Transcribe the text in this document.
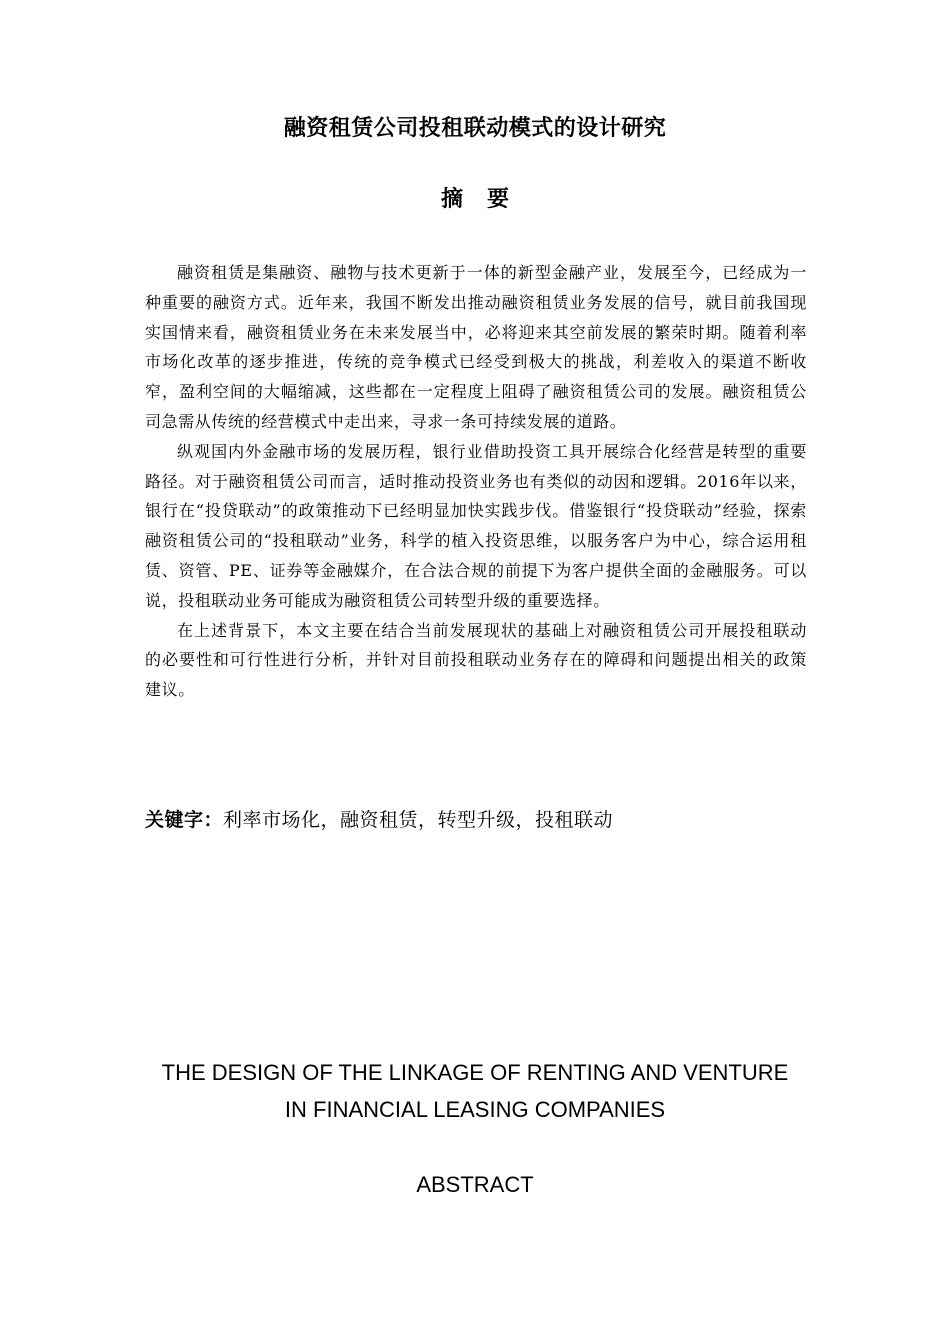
融资租赁公司投租联动模式的设计研究
摘要

融资租赁是集融资、融物与技术更新于一体的新型金融产业，发展至今，已经成为一种重要的融资方式。近年来，我国不断发出推动融资租赁业务发展的信号，就目前我国现实国情来看，融资租赁业务在未来发展当中，必将迎来其空前发展的繁荣时期。随着利率市场化改革的逐步推进，传统的竞争模式已经受到极大的挑战，利差收入的渠道不断收窄，盈利空间的大幅缩减，这些都在一定程度上阻碍了融资租赁公司的发展。融资租赁公司急需从传统的经营模式中走出来，寻求一条可持续发展的道路。

纵观国内外金融市场的发展历程，银行业借助投资工具开展综合化经营是转型的重要路径。对于融资租赁公司而言，适时推动投资业务也有类似的动因和逻辑。2016年以来，银行在“投贷联动”的政策推动下已经明显加快实践步伐。借鉴银行“投贷联动”经验，探索融资租赁公司的“投租联动”业务，科学的植入投资思维，以服务客户为中心，综合运用租赁、资管、PE、证券等金融媒介，在合法合规的前提下为客户提供全面的金融服务。可以说，投租联动业务可能成为融资租赁公司转型升级的重要选择。

在上述背景下，本文主要在结合当前发展现状的基础上对融资租赁公司开展投租联动的必要性和可行性进行分析，并针对目前投租联动业务存在的障碍和问题提出相关的政策建议。

关键字：利率市场化，融资租赁，转型升级，投租联动
THE DESIGN OF THE LINKAGE OF RENTING AND VENTURE
IN FINANCIAL LEASING COMPANIES
ABSTRACT
